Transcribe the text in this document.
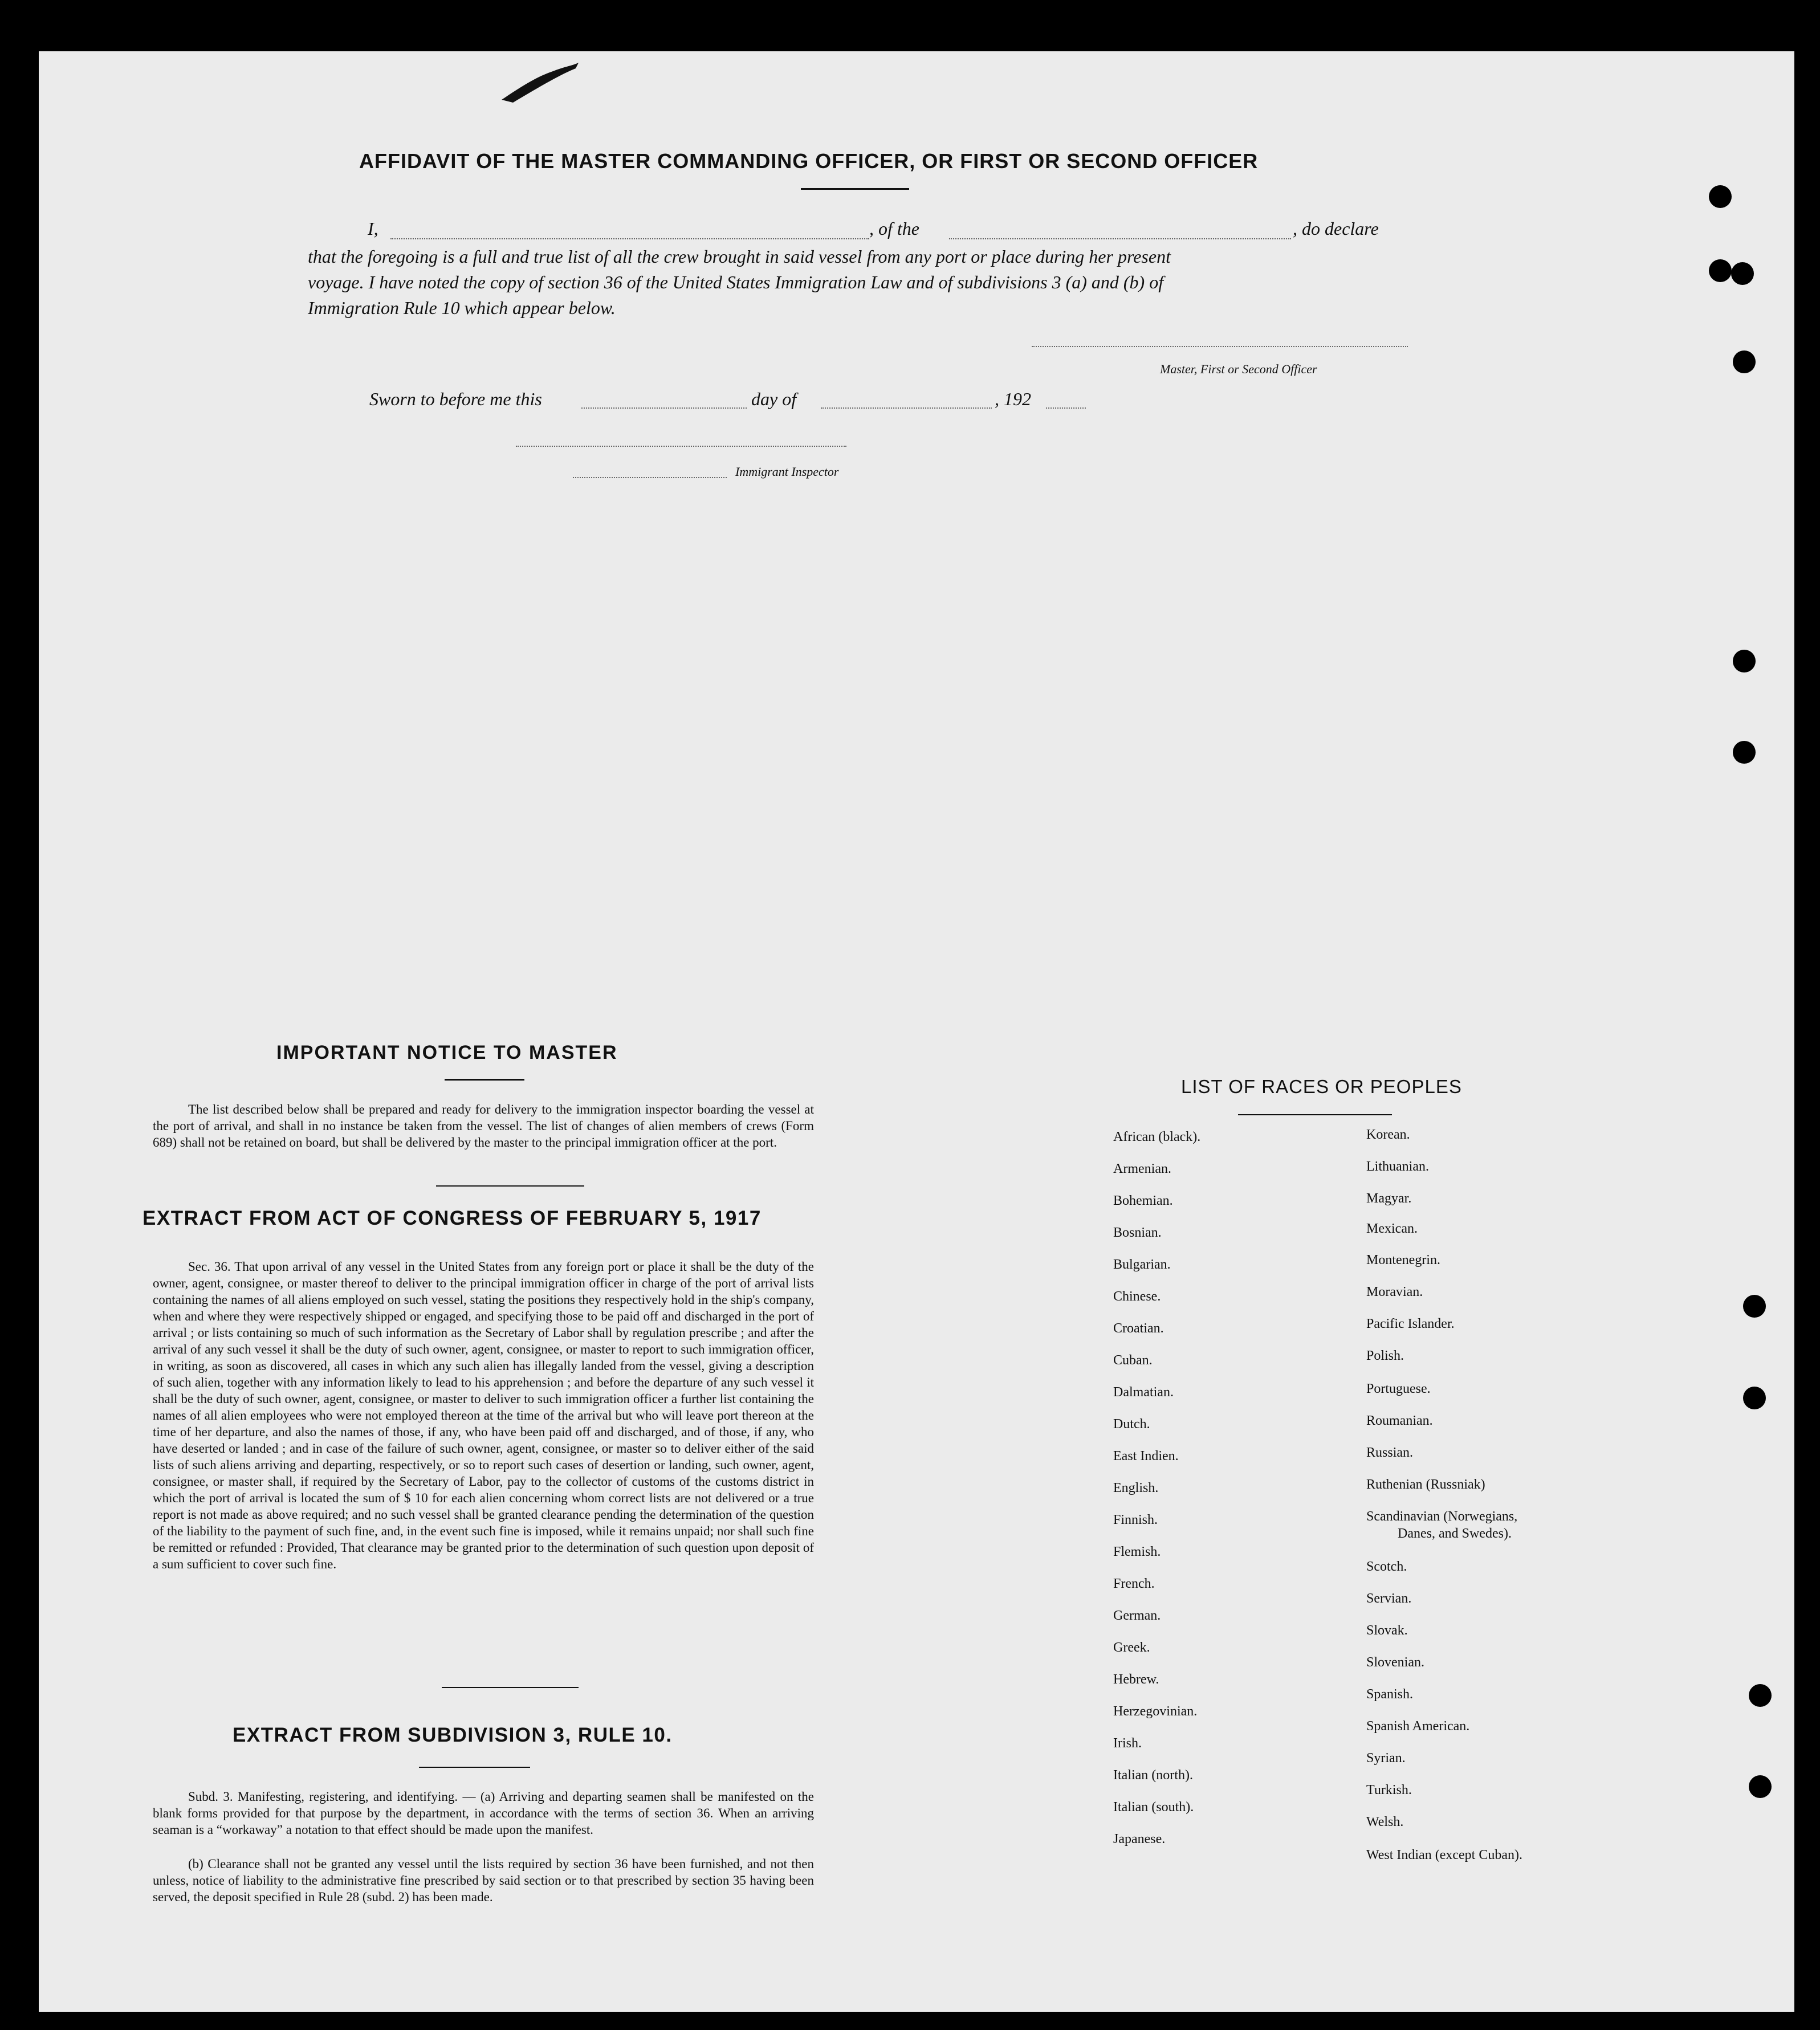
AFFIDAVIT OF THE MASTER COMMANDING OFFICER, OR FIRST OR SECOND OFFICER
I,	, of the	, do declare
that the foregoing is a full and true list of all the crew brought in said vessel from any port or place during her present
voyage. I have noted the copy of section 36 of the United States Immigration Law and of subdivisions 3 (a) and (b) of
Immigration Rule 10 which appear below.
Master, First or Second Officer
Sworn to before me this	day of	, 192
Immigrant Inspector
IMPORTANT NOTICE TO MASTER
The list described below shall be prepared and ready for delivery to the immigration inspector boarding the vessel at the port of arrival, and shall in no instance be taken from the vessel. The list of changes of alien members of crews (Form 689) shall not be retained on board, but shall be delivered by the master to the principal immigration officer at the port.
EXTRACT FROM ACT OF CONGRESS OF FEBRUARY 5, 1917
Sec. 36. That upon arrival of any vessel in the United States from any foreign port or place it shall be the duty of the owner, agent, consignee, or master thereof to deliver to the principal immigration officer in charge of the port of arrival lists containing the names of all aliens employed on such vessel, stating the positions they respectively hold in the ship's company, when and where they were respectively shipped or engaged, and specifying those to be paid off and discharged in the port of arrival ; or lists containing so much of such information as the Secretary of Labor shall by regulation prescribe ; and after the arrival of any such vessel it shall be the duty of such owner, agent, consignee, or master to report to such immigration officer, in writing, as soon as discovered, all cases in which any such alien has illegally landed from the vessel, giving a description of such alien, together with any information likely to lead to his apprehension ; and before the departure of any such vessel it shall be the duty of such owner, agent, consignee, or master to deliver to such immigration officer a further list containing the names of all alien employees who were not employed thereon at the time of the arrival but who will leave port thereon at the time of her departure, and also the names of those, if any, who have been paid off and discharged, and of those, if any, who have deserted or landed ; and in case of the failure of such owner, agent, consignee, or master so to deliver either of the said lists of such aliens arriving and departing, respectively, or so to report such cases of desertion or landing, such owner, agent, consignee, or master shall, if required by the Secretary of Labor, pay to the collector of customs of the customs district in which the port of arrival is located the sum of $ 10 for each alien concerning whom correct lists are not delivered or a true report is not made as above required; and no such vessel shall be granted clearance pending the determination of the question of the liability to the payment of such fine, and, in the event such fine is imposed, while it remains unpaid; nor shall such fine be remitted or refunded : Provided, That clearance may be granted prior to the determination of such question upon deposit of a sum sufficient to cover such fine.
EXTRACT FROM SUBDIVISION 3, RULE 10.
Subd. 3. Manifesting, registering, and identifying. — (a) Arriving and departing seamen shall be manifested on the blank forms provided for that purpose by the department, in accordance with the terms of section 36. When an arriving seaman is a “workaway” a notation to that effect should be made upon the manifest.
(b) Clearance shall not be granted any vessel until the lists required by section 36 have been furnished, and not then unless, notice of liability to the administrative fine prescribed by said section or to that prescribed by section 35 having been served, the deposit specified in Rule 28 (subd. 2) has been made.
LIST OF RACES OR PEOPLES
African (black).
Armenian.
Bohemian.
Bosnian.
Bulgarian.
Chinese.
Croatian.
Cuban.
Dalmatian.
Dutch.
East Indien.
English.
Finnish.
Flemish.
French.
German.
Greek.
Hebrew.
Herzegovinian.
Irish.
Italian (north).
Italian (south).
Japanese.
Korean.
Lithuanian.
Magyar.
Mexican.
Montenegrin.
Moravian.
Pacific Islander.
Polish.
Portuguese.
Roumanian.
Russian.
Ruthenian (Russniak)
Scandinavian (Norwegians,
Danes, and Swedes).
Scotch.
Servian.
Slovak.
Slovenian.
Spanish.
Spanish American.
Syrian.
Turkish.
Welsh.
West Indian (except Cuban).
